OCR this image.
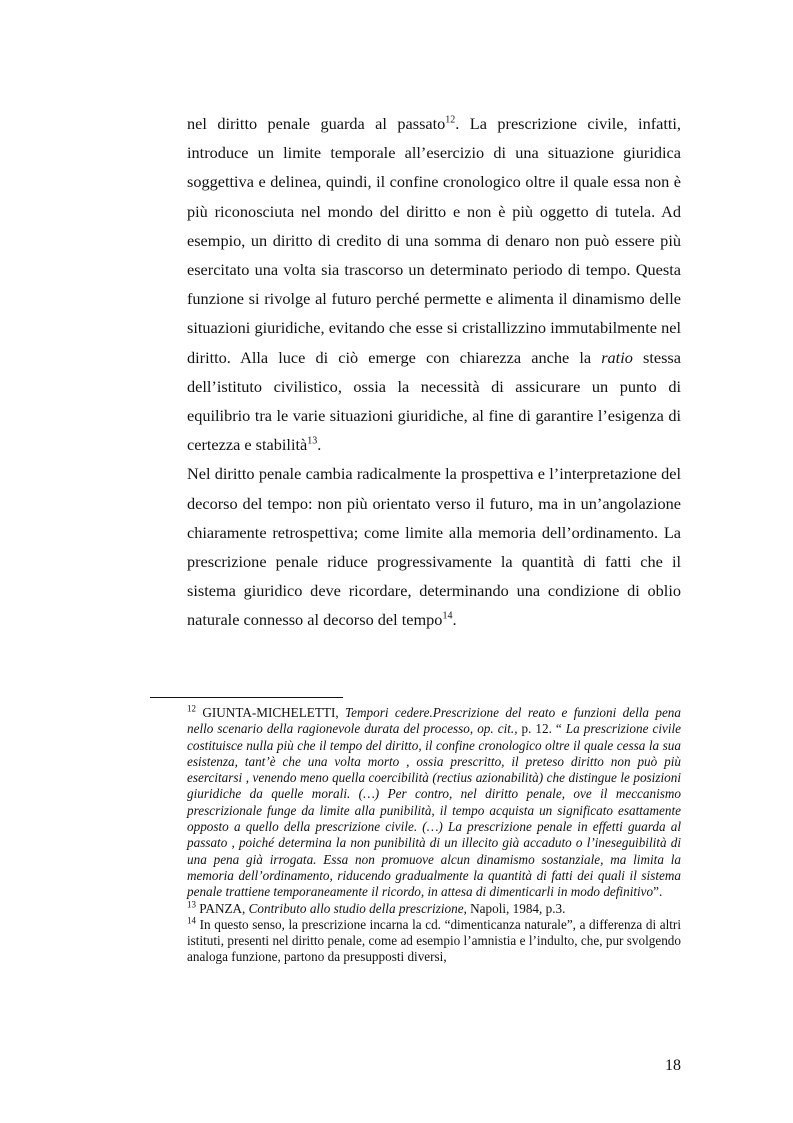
nel diritto penale guarda al passato$^{12}$. La prescrizione civile, infatti, introduce un limite temporale all’esercizio di una situazione giuridica soggettiva e delinea, quindi, il confine cronologico oltre il quale essa non è più riconosciuta nel mondo del diritto e non è più oggetto di tutela. Ad esempio, un diritto di credito di una somma di denaro non può essere più esercitato una volta sia trascorso un determinato periodo di tempo. Questa funzione si rivolge al futuro perché permette e alimenta il dinamismo delle situazioni giuridiche, evitando che esse si cristallizzino immutabilmente nel diritto. Alla luce di ciò emerge con chiarezza anche la ratio stessa dell’istituto civilistico, ossia la necessità di assicurare un punto di equilibrio tra le varie situazioni giuridiche, al fine di garantire l’esigenza di certezza e stabilità$^{13}$.

Nel diritto penale cambia radicalmente la prospettiva e l’interpretazione del decorso del tempo: non più orientato verso il futuro, ma in un’angolazione chiaramente retrospettiva; come limite alla memoria dell’ordinamento. La prescrizione penale riduce progressivamente la quantità di fatti che il sistema giuridico deve ricordare, determinando una condizione di oblio naturale connesso al decorso del tempo$^{14}$.

$^{12}$ GIUNTA-MICHELETTI, Tempori cedere.Prescrizione del reato e funzioni della pena nello scenario della ragionevole durata del processo, op. cit., p. 12. “ La prescrizione civile costituisce nulla più che il tempo del diritto, il confine cronologico oltre il quale cessa la sua esistenza, tant’è che una volta morto , ossia prescritto, il preteso diritto non può più esercitarsi , venendo meno quella coercibilità (rectius azionabilità) che distingue le posizioni giuridiche da quelle morali. (…) Per contro, nel diritto penale, ove il meccanismo prescrizionale funge da limite alla punibilità, il tempo acquista un significato esattamente opposto a quello della prescrizione civile. (…) La prescrizione penale in effetti guarda al passato , poiché determina la non punibilità di un illecito già accaduto o l’ineseguibilità di una pena già irrogata. Essa non promuove alcun dinamismo sostanziale, ma limita la memoria dell’ordinamento, riducendo gradualmente la quantità di fatti dei quali il sistema penale trattiene temporaneamente il ricordo, in attesa di dimenticarli in modo definitivo”.

$^{13}$ PANZA, Contributo allo studio della prescrizione, Napoli, 1984, p.3.

$^{14}$ In questo senso, la prescrizione incarna la cd. “dimenticanza naturale”, a differenza di altri istituti, presenti nel diritto penale, come ad esempio l’amnistia e l’indulto, che, pur svolgendo analoga funzione, partono da presupposti diversi,

18
